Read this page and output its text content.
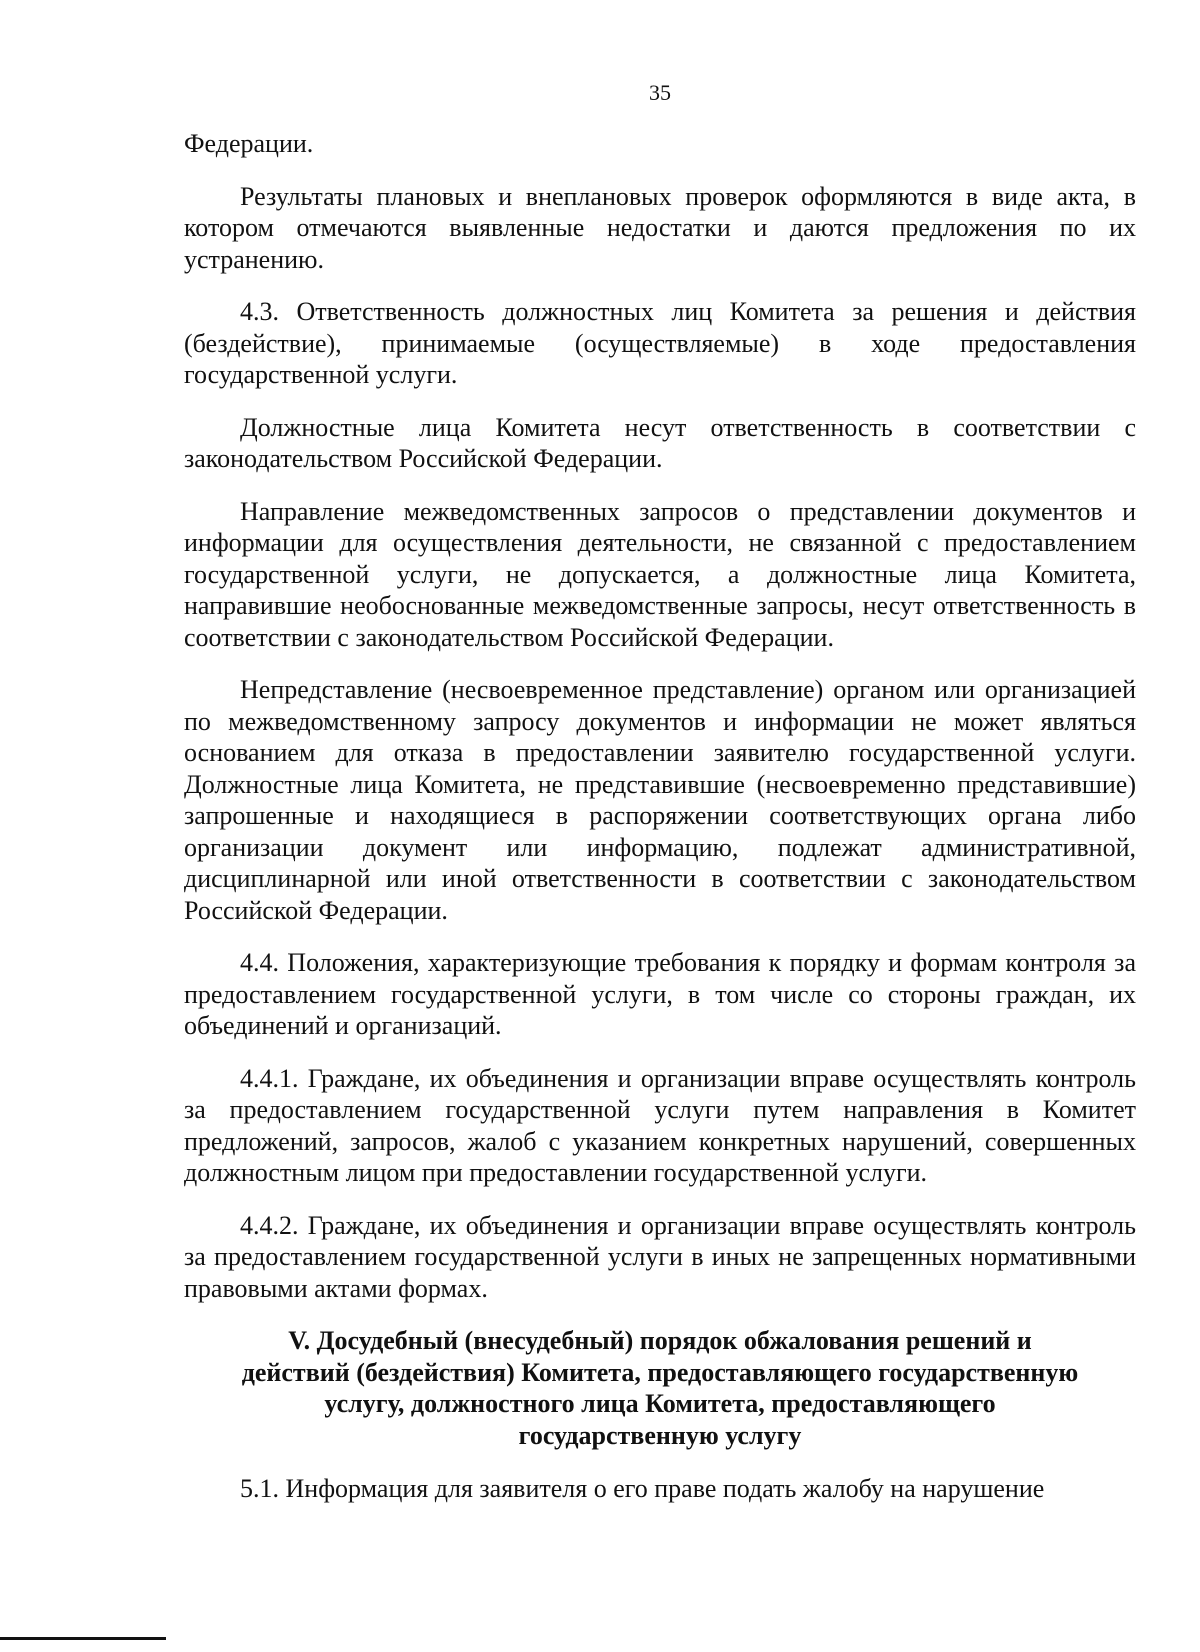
35

Федерации.

Результаты плановых и внеплановых проверок оформляются в виде акта, в котором отмечаются выявленные недостатки и даются предложения по их устранению.

4.3. Ответственность должностных лиц Комитета за решения и действия (бездействие), принимаемые (осуществляемые) в ходе предоставления государственной услуги.

Должностные лица Комитета несут ответственность в соответствии с законодательством Российской Федерации.

Направление межведомственных запросов о представлении документов и информации для осуществления деятельности, не связанной с предоставлением государственной услуги, не допускается, а должностные лица Комитета, направившие необоснованные межведомственные запросы, несут ответственность в соответствии с законодательством Российской Федерации.

Непредставление (несвоевременное представление) органом или организацией по межведомственному запросу документов и информации не может являться основанием для отказа в предоставлении заявителю государственной услуги. Должностные лица Комитета, не представившие (несвоевременно представившие) запрошенные и находящиеся в распоряжении соответствующих органа либо организации документ или информацию, подлежат административной, дисциплинарной или иной ответственности в соответствии с законодательством Российской Федерации.

4.4. Положения, характеризующие требования к порядку и формам контроля за предоставлением государственной услуги, в том числе со стороны граждан, их объединений и организаций.

4.4.1. Граждане, их объединения и организации вправе осуществлять контроль за предоставлением государственной услуги путем направления в Комитет предложений, запросов, жалоб с указанием конкретных нарушений, совершенных должностным лицом при предоставлении государственной услуги.

4.4.2. Граждане, их объединения и организации вправе осуществлять контроль за предоставлением государственной услуги в иных не запрещенных нормативными правовыми актами формах.

V. Досудебный (внесудебный) порядок обжалования решений и действий (бездействия) Комитета, предоставляющего государственную услугу, должностного лица Комитета, предоставляющего государственную услугу

5.1. Информация для заявителя о его праве подать жалобу на нарушение
